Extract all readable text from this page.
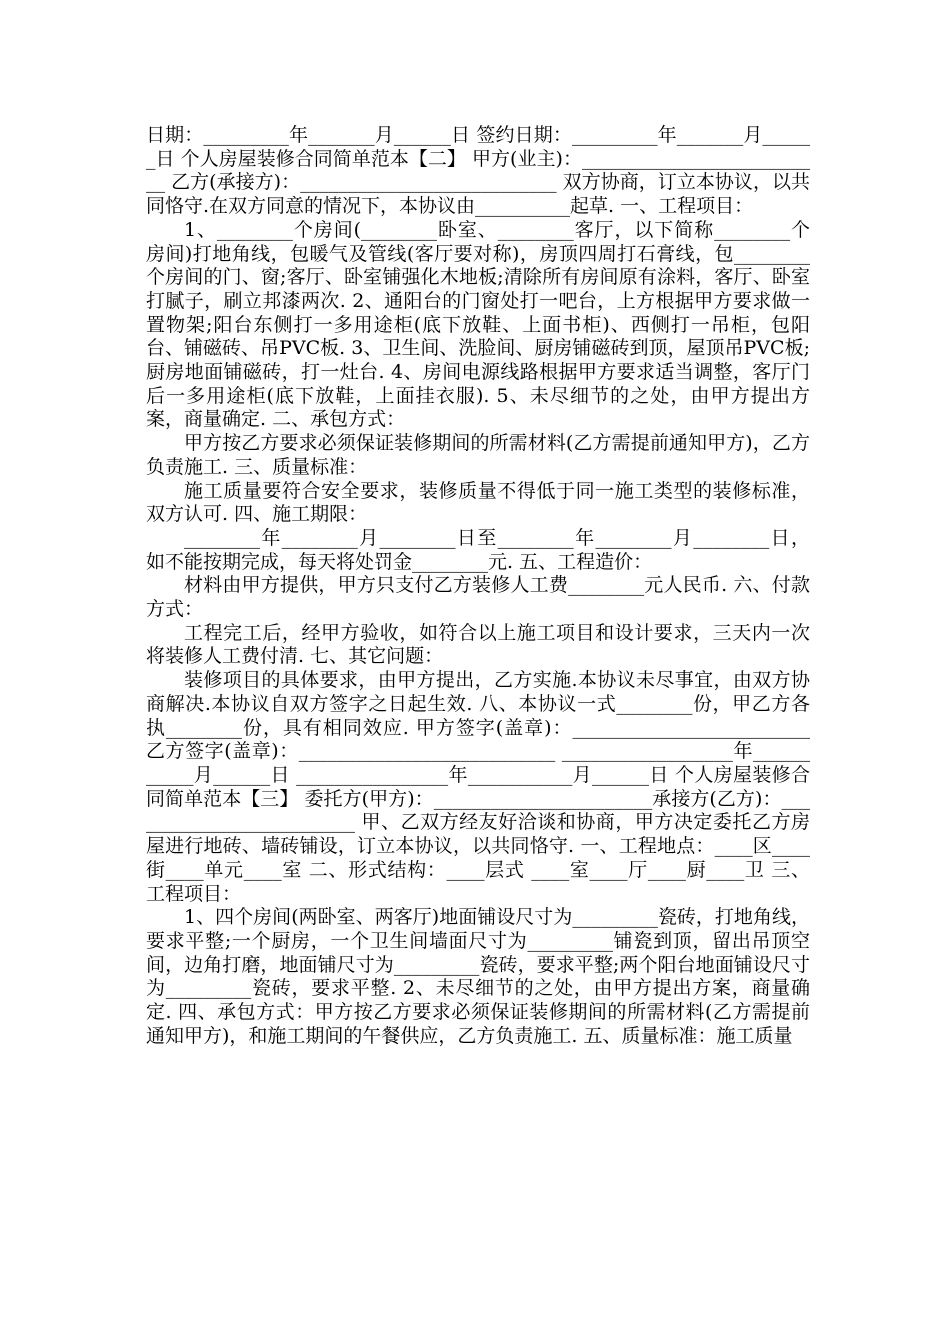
日期：_________年_______月______日 签约日期：_________年_______月______日 个人房屋装修合同简单范本【二】 甲方(业主)：__________________________ 乙方(承接方)：___________________________ 双方协商，订立本协议，以共同恪守.在双方同意的情况下，本协议由__________起草. 一、工程项目：

1、________个房间(________卧室、________客厅，以下简称________个房间)打地角线，包暖气及管线(客厅要对称)，房顶四周打石膏线，包________个房间的门、窗;客厅、卧室铺强化木地板;清除所有房间原有涂料，客厅、卧室打腻子，刷立邦漆两次. 2、通阳台的门窗处打一吧台，上方根据甲方要求做一置物架;阳台东侧打一多用途柜(底下放鞋、上面书柜)、西侧打一吊柜，包阳台、铺磁砖、吊PVC板. 3、卫生间、洗脸间、厨房铺磁砖到顶，屋顶吊PVC板;厨房地面铺磁砖，打一灶台. 4、房间电源线路根据甲方要求适当调整，客厅门后一多用途柜(底下放鞋，上面挂衣服). 5、未尽细节的之处，由甲方提出方案，商量确定. 二、承包方式：

甲方按乙方要求必须保证装修期间的所需材料(乙方需提前通知甲方)，乙方负责施工. 三、质量标准：

施工质量要符合安全要求，装修质量不得低于同一施工类型的装修标准，双方认可. 四、施工期限：

________年________月________日至________年________月________日，如不能按期完成，每天将处罚金________元. 五、工程造价：

材料由甲方提供，甲方只支付乙方装修人工费________元人民币. 六、付款方式：

工程完工后，经甲方验收，如符合以上施工项目和设计要求，三天内一次将装修人工费付清. 七、其它问题：

装修项目的具体要求，由甲方提出，乙方实施.本协议未尽事宜，由双方协商解决.本协议自双方签字之日起生效. 八、本协议一式________份，甲乙方各执________份，具有相同效应. 甲方签字(盖章)：_________________________ 乙方签字(盖章)：___________________________ __________________年___________月______日 ________________年___________月______日 个人房屋装修合同简单范本【三】 委托方(甲方)：_______________________承接方(乙方)：_________________________ 甲、乙双方经友好洽谈和协商，甲方决定委托乙方房屋进行地砖、墙砖铺设，订立本协议，以共同恪守. 一、工程地点：____区____街____单元____室 二、形式结构：____层式 ____室____厅____厨____卫 三、工程项目：

1、四个房间(两卧室、两客厅)地面铺设尺寸为_________瓷砖，打地角线，要求平整;一个厨房，一个卫生间墙面尺寸为_________铺瓷到顶，留出吊顶空间，边角打磨，地面铺尺寸为_________瓷砖，要求平整;两个阳台地面铺设尺寸为_________瓷砖，要求平整. 2、未尽细节的之处，由甲方提出方案，商量确定. 四、承包方式：甲方按乙方要求必须保证装修期间的所需材料(乙方需提前通知甲方)，和施工期间的午餐供应，乙方负责施工. 五、质量标准：施工质量
